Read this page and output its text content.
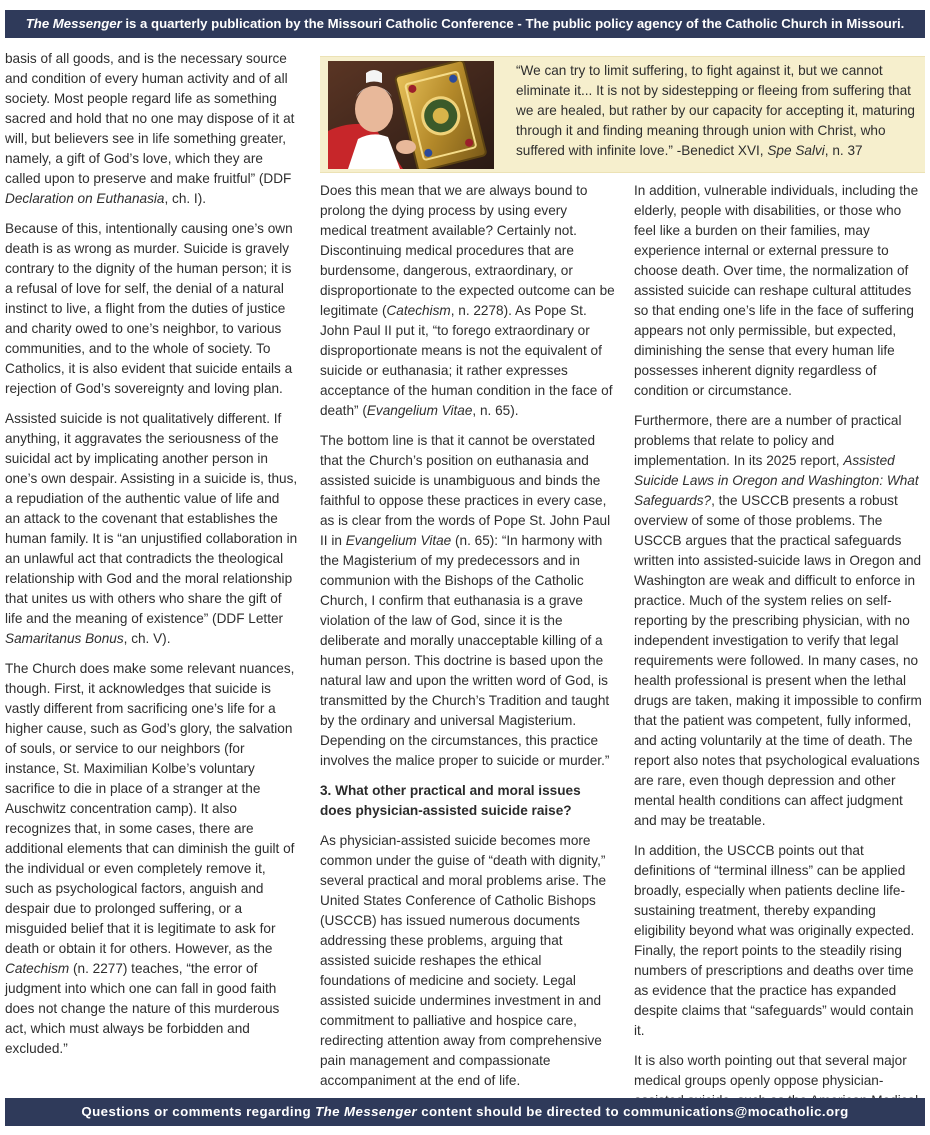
The Messenger is a quarterly publication by the Missouri Catholic Conference - The public policy agency of the Catholic Church in Missouri.

basis of all goods, and is the necessary source and condition of every human activity and of all society. Most people regard life as something sacred and hold that no one may dispose of it at will, but believers see in life something greater, namely, a gift of God’s love, which they are called upon to preserve and make fruitful” (DDF Declaration on Euthanasia, ch. I).

Because of this, intentionally causing one’s own death is as wrong as murder. Suicide is gravely contrary to the dignity of the human person; it is a refusal of love for self, the denial of a natural instinct to live, a flight from the duties of justice and charity owed to one’s neighbor, to various communities, and to the whole of society. To Catholics, it is also evident that suicide entails a rejection of God’s sovereignty and loving plan.

Assisted suicide is not qualitatively different. If anything, it aggravates the seriousness of the suicidal act by implicating another person in one’s own despair. Assisting in a suicide is, thus, a repudiation of the authentic value of life and an attack to the covenant that establishes the human family. It is “an unjustified collaboration in an unlawful act that contradicts the theological relationship with God and the moral relationship that unites us with others who share the gift of life and the meaning of existence” (DDF Letter Samaritanus Bonus, ch. V).

The Church does make some relevant nuances, though. First, it acknowledges that suicide is vastly different from sacrificing one’s life for a higher cause, such as God’s glory, the salvation of souls, or service to our neighbors (for instance, St. Maximilian Kolbe’s voluntary sacrifice to die in place of a stranger at the Auschwitz concentration camp). It also recognizes that, in some cases, there are additional elements that can diminish the guilt of the individual or even completely remove it, such as psychological factors, anguish and despair due to prolonged suffering, or a misguided belief that it is legitimate to ask for death or obtain it for others. However, as the Catechism (n. 2277) teaches, “the error of judgment into which one can fall in good faith does not change the nature of this murderous act, which must always be forbidden and excluded.”

“We can try to limit suffering, to fight against it, but we cannot eliminate it... It is not by sidestepping or fleeing from suffering that we are healed, but rather by our capacity for accepting it, maturing through it and finding meaning through union with Christ, who suffered with infinite love.” -Benedict XVI, Spe Salvi, n. 37

Does this mean that we are always bound to prolong the dying process by using every medical treatment available? Certainly not. Discontinuing medical procedures that are burdensome, dangerous, extraordinary, or disproportionate to the expected outcome can be legitimate (Catechism, n. 2278). As Pope St. John Paul II put it, “to forego extraordinary or disproportionate means is not the equivalent of suicide or euthanasia; it rather expresses acceptance of the human condition in the face of death” (Evangelium Vitae, n. 65).

The bottom line is that it cannot be overstated that the Church’s position on euthanasia and assisted suicide is unambiguous and binds the faithful to oppose these practices in every case, as is clear from the words of Pope St. John Paul II in Evangelium Vitae (n. 65): “In harmony with the Magisterium of my predecessors and in communion with the Bishops of the Catholic Church, I confirm that euthanasia is a grave violation of the law of God, since it is the deliberate and morally unacceptable killing of a human person. This doctrine is based upon the natural law and upon the written word of God, is transmitted by the Church’s Tradition and taught by the ordinary and universal Magisterium. Depending on the circumstances, this practice involves the malice proper to suicide or murder.”

3. What other practical and moral issues does physician-assisted suicide raise?

As physician-assisted suicide becomes more common under the guise of “death with dignity,” several practical and moral problems arise. The United States Conference of Catholic Bishops (USCCB) has issued numerous documents addressing these problems, arguing that assisted suicide reshapes the ethical foundations of medicine and society. Legal assisted suicide undermines investment in and commitment to palliative and hospice care, redirecting attention away from comprehensive pain management and compassionate accompaniment at the end of life.

In addition, vulnerable individuals, including the elderly, people with disabilities, or those who feel like a burden on their families, may experience internal or external pressure to choose death. Over time, the normalization of assisted suicide can reshape cultural attitudes so that ending one’s life in the face of suffering appears not only permissible, but expected, diminishing the sense that every human life possesses inherent dignity regardless of condition or circumstance.

Furthermore, there are a number of practical problems that relate to policy and implementation. In its 2025 report, Assisted Suicide Laws in Oregon and Washington: What Safeguards?, the USCCB presents a robust overview of some of those problems. The USCCB argues that the practical safeguards written into assisted-suicide laws in Oregon and Washington are weak and difficult to enforce in practice. Much of the system relies on self-reporting by the prescribing physician, with no independent investigation to verify that legal requirements were followed. In many cases, no health professional is present when the lethal drugs are taken, making it impossible to confirm that the patient was competent, fully informed, and acting voluntarily at the time of death. The report also notes that psychological evaluations are rare, even though depression and other mental health conditions can affect judgment and may be treatable.

In addition, the USCCB points out that definitions of “terminal illness” can be applied broadly, especially when patients decline life-sustaining treatment, thereby expanding eligibility beyond what was originally expected. Finally, the report points to the steadily rising numbers of prescriptions and deaths over time as evidence that the practice has expanded despite claims that “safeguards” would contain it.

It is also worth pointing out that several major medical groups openly oppose physician-

Questions or comments regarding The Messenger content should be directed to communications@mocatholic.org
